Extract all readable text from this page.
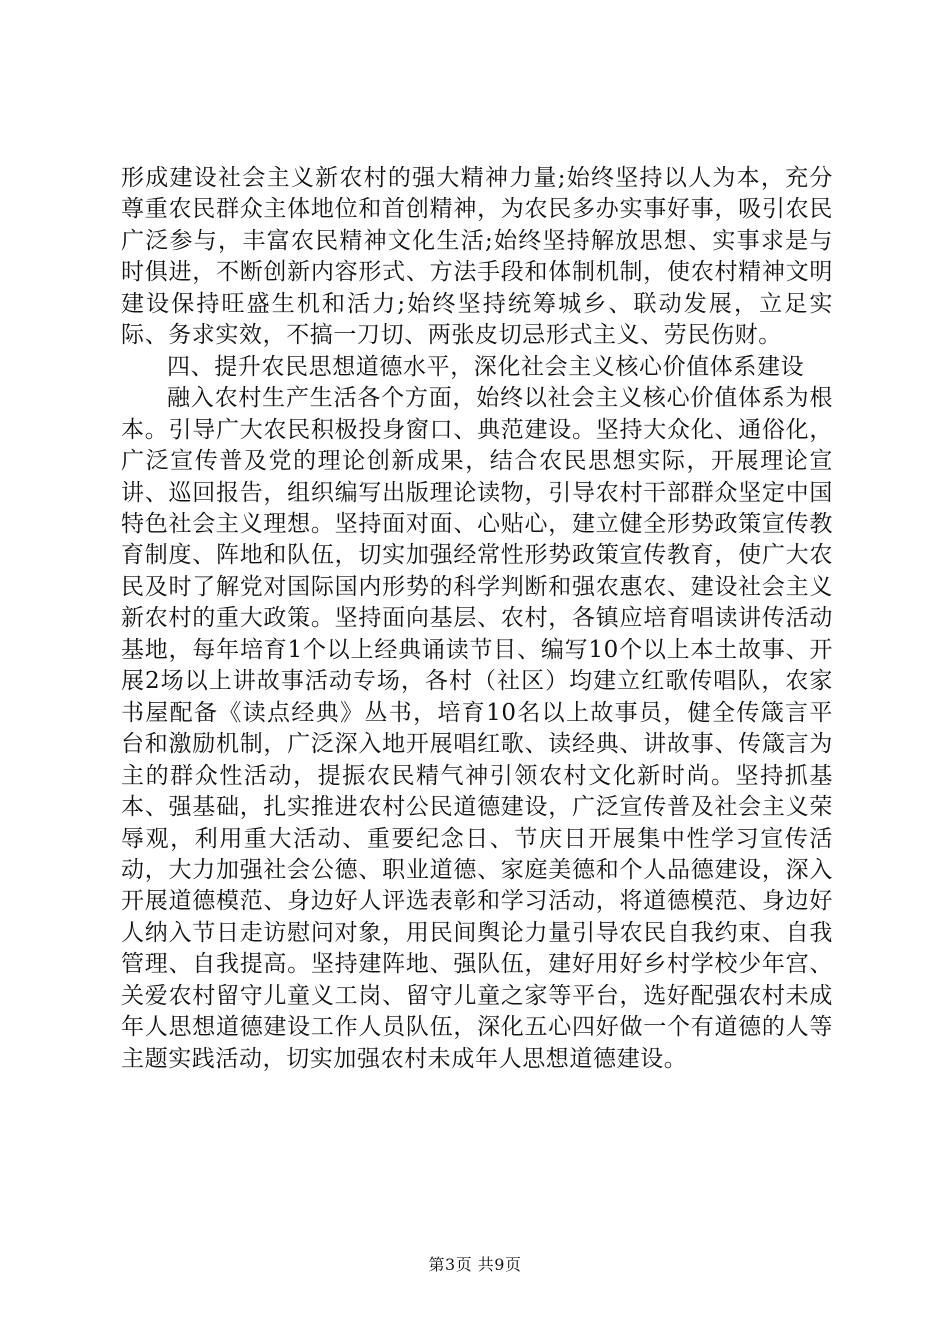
形成建设社会主义新农村的强大精神力量;始终坚持以人为本，充分尊重农民群众主体地位和首创精神，为农民多办实事好事，吸引农民广泛参与，丰富农民精神文化生活;始终坚持解放思想、实事求是与时俱进，不断创新内容形式、方法手段和体制机制，使农村精神文明建设保持旺盛生机和活力;始终坚持统筹城乡、联动发展，立足实际、务求实效，不搞一刀切、两张皮切忌形式主义、劳民伤财。

四、提升农民思想道德水平，深化社会主义核心价值体系建设

融入农村生产生活各个方面，始终以社会主义核心价值体系为根本。引导广大农民积极投身窗口、典范建设。坚持大众化、通俗化，广泛宣传普及党的理论创新成果，结合农民思想实际，开展理论宣讲、巡回报告，组织编写出版理论读物，引导农村干部群众坚定中国特色社会主义理想。坚持面对面、心贴心，建立健全形势政策宣传教育制度、阵地和队伍，切实加强经常性形势政策宣传教育，使广大农民及时了解党对国际国内形势的科学判断和强农惠农、建设社会主义新农村的重大政策。坚持面向基层、农村，各镇应培育唱读讲传活动基地，每年培育1个以上经典诵读节目、编写10个以上本土故事、开展2场以上讲故事活动专场，各村（社区）均建立红歌传唱队，农家书屋配备《读点经典》丛书，培育10名以上故事员，健全传箴言平台和激励机制，广泛深入地开展唱红歌、读经典、讲故事、传箴言为主的群众性活动，提振农民精气神引领农村文化新时尚。坚持抓基本、强基础，扎实推进农村公民道德建设，广泛宣传普及社会主义荣辱观，利用重大活动、重要纪念日、节庆日开展集中性学习宣传活动，大力加强社会公德、职业道德、家庭美德和个人品德建设，深入开展道德模范、身边好人评选表彰和学习活动，将道德模范、身边好人纳入节日走访慰问对象，用民间舆论力量引导农民自我约束、自我管理、自我提高。坚持建阵地、强队伍，建好用好乡村学校少年宫、关爱农村留守儿童义工岗、留守儿童之家等平台，选好配强农村未成年人思想道德建设工作人员队伍，深化五心四好做一个有道德的人等主题实践活动，切实加强农村未成年人思想道德建设。

第3页 共9页
